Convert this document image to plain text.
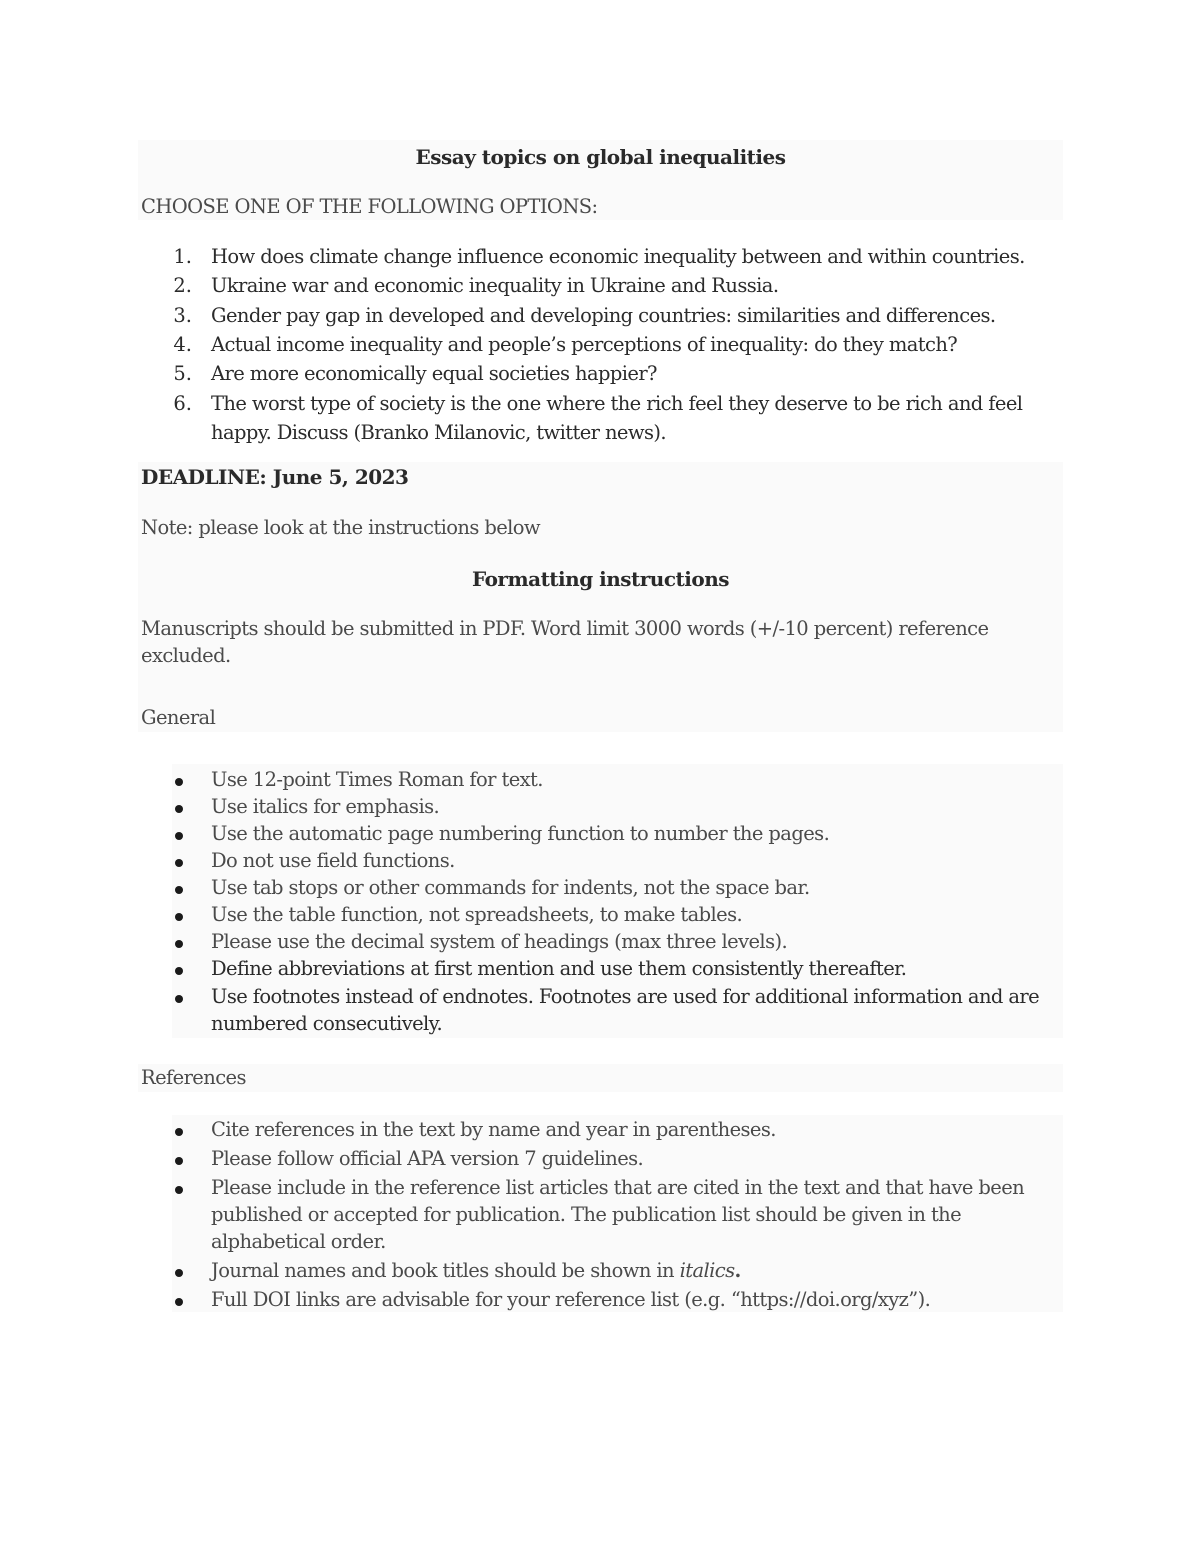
Essay topics on global inequalities
CHOOSE ONE OF THE FOLLOWING OPTIONS:
1. How does climate change influence economic inequality between and within countries.
2. Ukraine war and economic inequality in Ukraine and Russia.
3. Gender pay gap in developed and developing countries: similarities and differences.
4. Actual income inequality and people’s perceptions of inequality: do they match?
5. Are more economically equal societies happier?
6. The worst type of society is the one where the rich feel they deserve to be rich and feel happy. Discuss (Branko Milanovic, twitter news).
DEADLINE: June 5, 2023
Note: please look at the instructions below
Formatting instructions
Manuscripts should be submitted in PDF. Word limit 3000 words (+/-10 percent) reference excluded.
General
Use 12-point Times Roman for text.
Use italics for emphasis.
Use the automatic page numbering function to number the pages.
Do not use field functions.
Use tab stops or other commands for indents, not the space bar.
Use the table function, not spreadsheets, to make tables.
Please use the decimal system of headings (max three levels).
Define abbreviations at first mention and use them consistently thereafter.
Use footnotes instead of endnotes. Footnotes are used for additional information and are numbered consecutively.
References
Cite references in the text by name and year in parentheses.
Please follow official APA version 7 guidelines.
Please include in the reference list articles that are cited in the text and that have been published or accepted for publication. The publication list should be given in the alphabetical order.
Journal names and book titles should be shown in italics.
Full DOI links are advisable for your reference list (e.g. “https://doi.org/xyz”).
